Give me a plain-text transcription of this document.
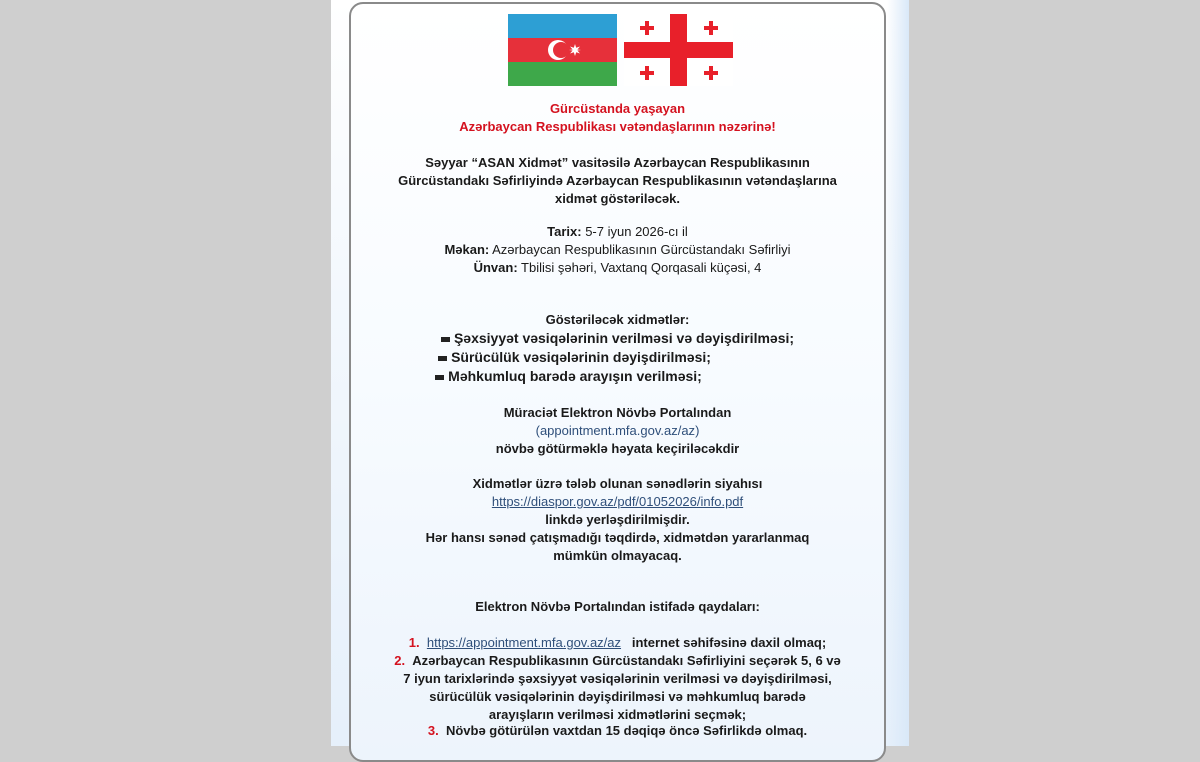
Gürcüstanda yaşayan
Azərbaycan Respublikası vətəndaşlarının nəzərinə!
Səyyar “ASAN Xidmət” vasitəsilə Azərbaycan Respublikasının
Gürcüstandakı Səfirliyində Azərbaycan Respublikasının vətəndaşlarına
xidmət göstəriləcək.
Tarix: 5-7 iyun 2026-cı il
Məkan: Azərbaycan Respublikasının Gürcüstandakı Səfirliyi
Ünvan: Tbilisi şəhəri, Vaxtanq Qorqasali küçəsi, 4
Göstəriləcək xidmətlər:
Şəxsiyyət vəsiqələrinin verilməsi və dəyişdirilməsi;
Sürücülük vəsiqələrinin dəyişdirilməsi;
Məhkumluq barədə arayışın verilməsi;
Müraciət Elektron Növbə Portalından
(appointment.mfa.gov.az/az)
növbə götürməklə həyata keçiriləcəkdir
Xidmətlər üzrə tələb olunan sənədlərin siyahısı
https://diaspor.gov.az/pdf/01052026/info.pdf
linkdə yerləşdirilmişdir.
Hər hansı sənəd çatışmadığı təqdirdə, xidmətdən yararlanmaq
mümkün olmayacaq.
Elektron Növbə Portalından istifadə qaydaları:
1. https://appointment.mfa.gov.az/az internet səhifəsinə daxil olmaq;
2. Azərbaycan Respublikasının Gürcüstandakı Səfirliyini seçərək 5, 6 və
7 iyun tarixlərində şəxsiyyət vəsiqələrinin verilməsi və dəyişdirilməsi,
sürücülük vəsiqələrinin dəyişdirilməsi və məhkumluq barədə
arayışların verilməsi xidmətlərini seçmək;
3. Növbə götürülən vaxtdan 15 dəqiqə öncə Səfirlikdə olmaq.
